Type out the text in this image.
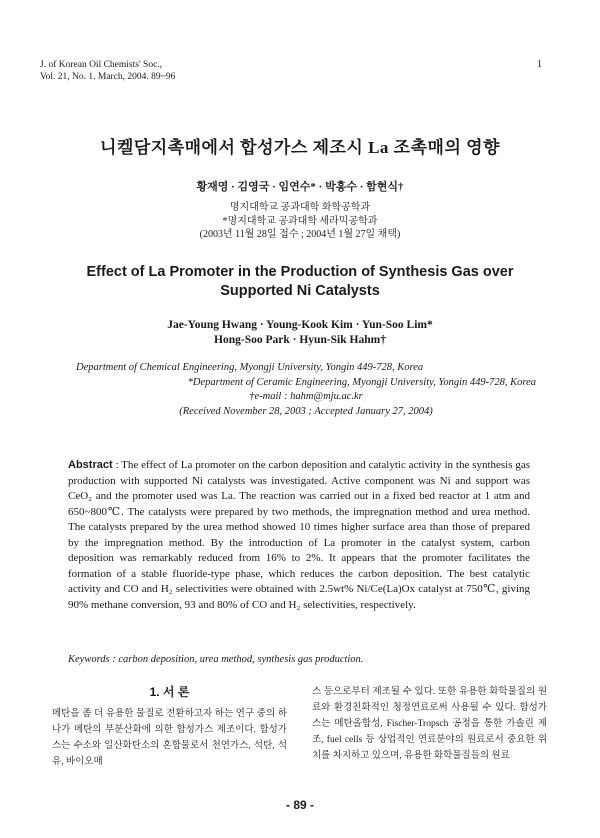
J. of Korean Oil Chemists' Soc.,
Vol. 21, No. 1. March, 2004. 89~96
1
니켈담지촉매에서 합성가스 제조시 La 조촉매의 영향
황재영 · 김영국 · 임연수* · 박홍수 · 함현식†
명지대학교 공과대학 화학공학과
*명지대학교 공과대학 세라믹공학과
(2003년 11월 28일 접수 ; 2004년 1월 27일 채택)
Effect of La Promoter in the Production of Synthesis Gas over
Supported Ni Catalysts
Jae-Young Hwang · Young-Kook Kim · Yun-Soo Lim*
Hong-Soo Park · Hyun-Sik Hahm†
Department of Chemical Engineering, Myongji University, Yongin 449-728, Korea
*Department of Ceramic Engineering, Myongji University, Yongin 449-728, Korea
†e-mail : hahm@mju.ac.kr
(Received November 28, 2003 ; Accepted January 27, 2004)
Abstract : The effect of La promoter on the carbon deposition and catalytic activity in the synthesis gas production with supported Ni catalysts was investigated. Active component was Ni and support was CeO₂ and the promoter used was La. The reaction was carried out in a fixed bed reactor at 1 atm and 650~800℃. The catalysts were prepared by two methods, the impregnation method and urea method. The catalysts prepared by the urea method showed 10 times higher surface area than those of prepared by the impregnation method. By the introduction of La promoter in the catalyst system, carbon deposition was remarkably reduced from 16% to 2%. It appears that the promoter facilitates the formation of a stable fluoride-type phase, which reduces the carbon deposition. The best catalytic activity and CO and H₂ selectivities were obtained with 2.5wt% Ni/Ce(La)Ox catalyst at 750℃, giving 90% methane conversion, 93 and 80% of CO and H₂ selectivities, respectively.
Keywords : carbon deposition, urea method, synthesis gas production.
1. 서 론
메탄을 좀 더 유용한 물질로 전환하고자 하는 연구 중의 하나가 메탄의 부분산화에 의한 합성가스 제조이다. 합성가스는 수소와 일산화탄소의 혼합물로서 천연가스, 석탄, 석유, 바이오매
스 등으로부터 제조될 수 있다. 또한 유용한 화학물질의 원료와 환경친화적인 청정연료로써 사용될 수 있다. 합성가스는 메탄올합성, Fischer-Tropsch 공정을 통한 가솔린 제조, fuel cells 등 상업적인 연료분야의 원료로서 중요한 위치를 차지하고 있으며, 유용한 화학물질들의 원료
- 89 -
